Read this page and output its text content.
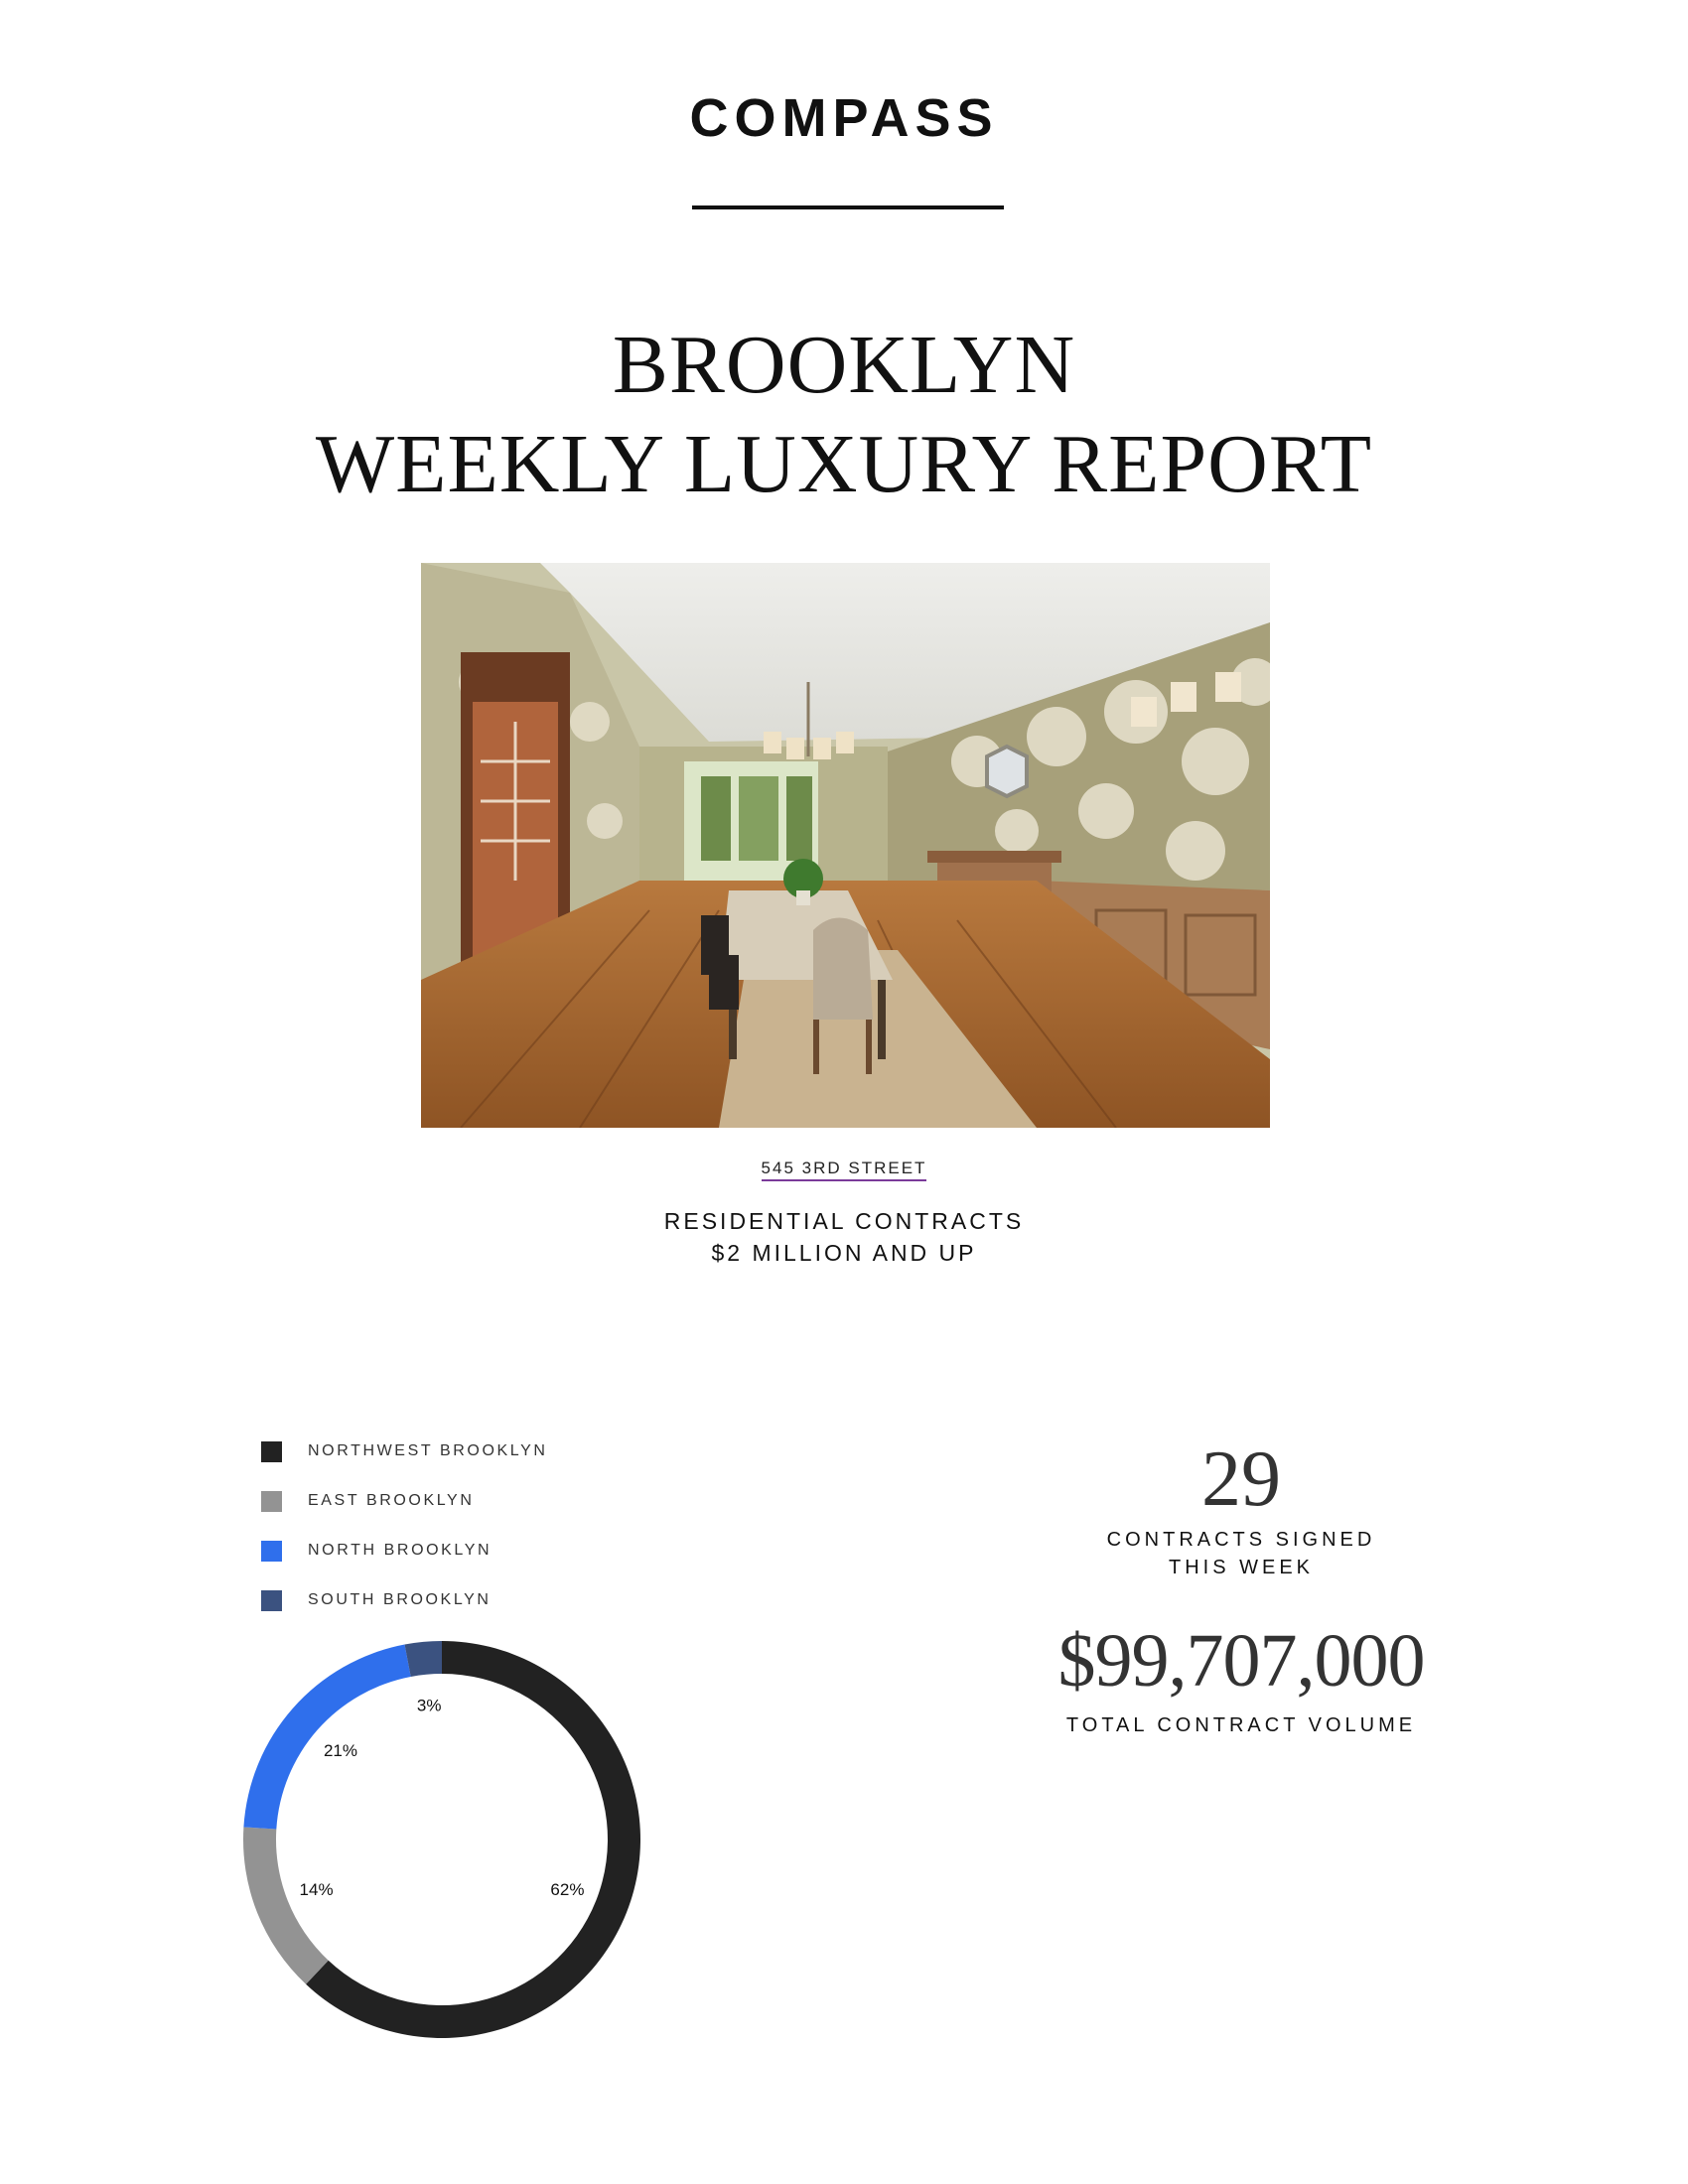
COMPASS
BROOKLYN
WEEKLY LUXURY REPORT
545 3RD STREET
RESIDENTIAL CONTRACTS
$2 MILLION AND UP
NORTHWEST BROOKLYN
EAST BROOKLYN
NORTH BROOKLYN
SOUTH BROOKLYN
62%
14%
21%
3%
29
CONTRACTS SIGNED
THIS WEEK
$99,707,000
TOTAL CONTRACT VOLUME
